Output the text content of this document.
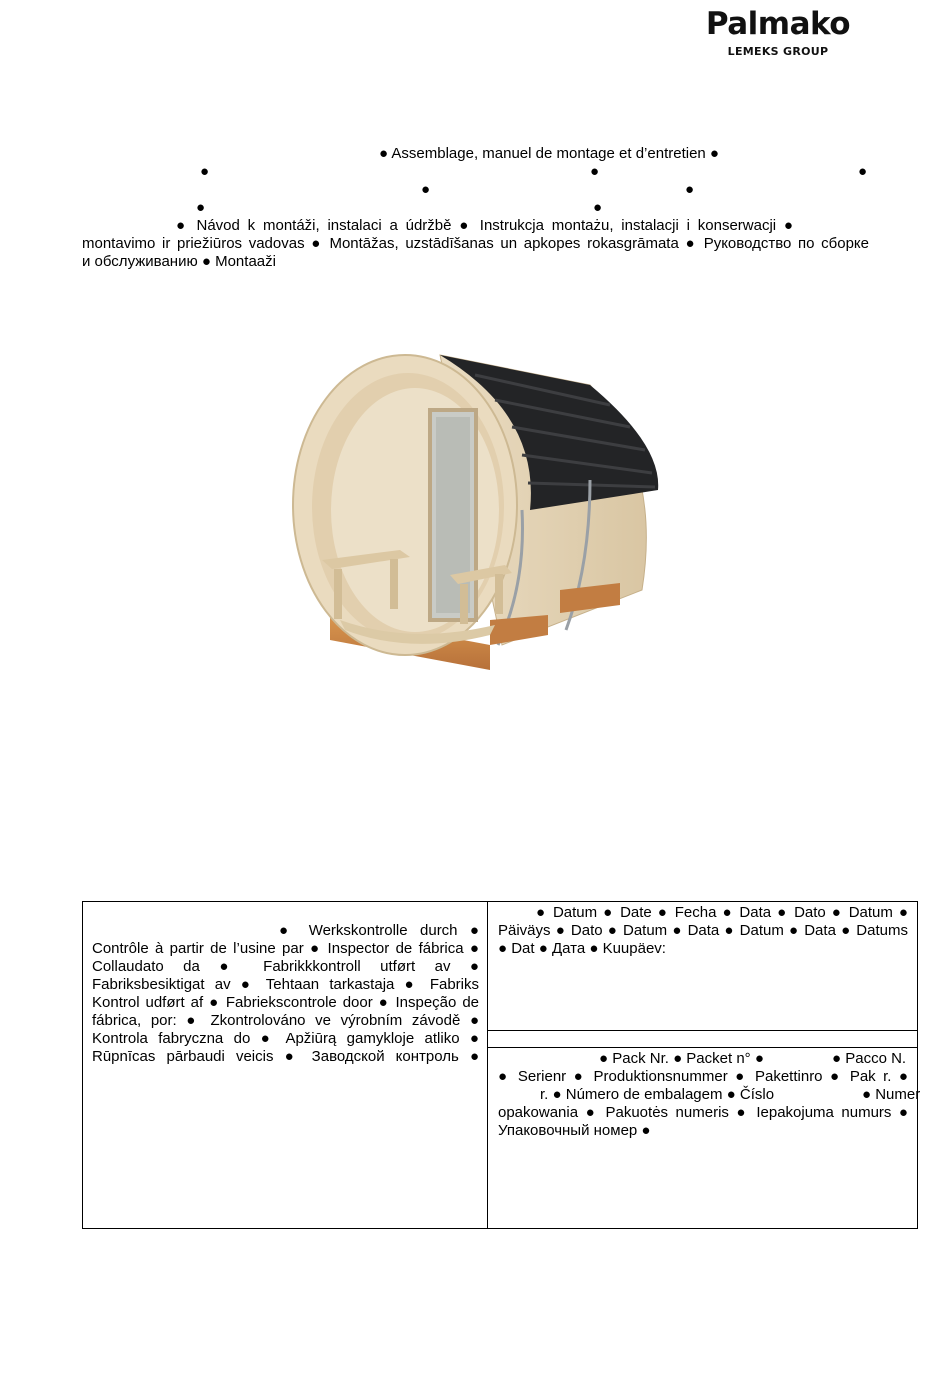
Palmako
LEMEKS GROUP
● Assemblage, manuel de montage et d’entretien ●
●	●
●
●
●
●	●
● Návod k montáži, instalaci a údržbě ● Instrukcja montażu, instalacji i konserwacji ●
montavimo ir priežiūros vadovas ● Montāžas, uzstādīšanas un apkopes rokasgrāmata ● Руководство по сборке
и обслуживанию ● Montaaži
● Werkskontrolle durch ●
Contrôle à partir de l’usine par ● Inspector de fábrica ●
Collaudato da ● Fabrikkkontroll utført av ●
Fabriksbesiktigat av ● Tehtaan tarkastaja ● Fabriks
Kontrol udført af ● Fabriekscontrole door ● Inspeção de
fábrica, por: ● Zkontrolováno ve výrobním závodě ●
Kontrola fabryczna do ● Apžiūrą gamykloje atliko ●
Rūpnīcas pārbaudi veicis ● Заводской контроль ●
● Datum ● Date ● Fecha ● Data ● Dato ● Datum ●
Päiväys ● Dato ● Datum ● Data ● Datum ● Data ● Datums
● Dat ● Дата ● Kuupäev:
● Pack Nr. ● Packet n° ●	● Pacco N.
● Serienr ● Produktionsnummer ● Pakettinro ● Pak r. ●
r. ● Número de embalagem ● Číslo	● Numer
opakowania ● Pakuotės numeris ● Iepakojuma numurs ●
Упаковочный номер ●
